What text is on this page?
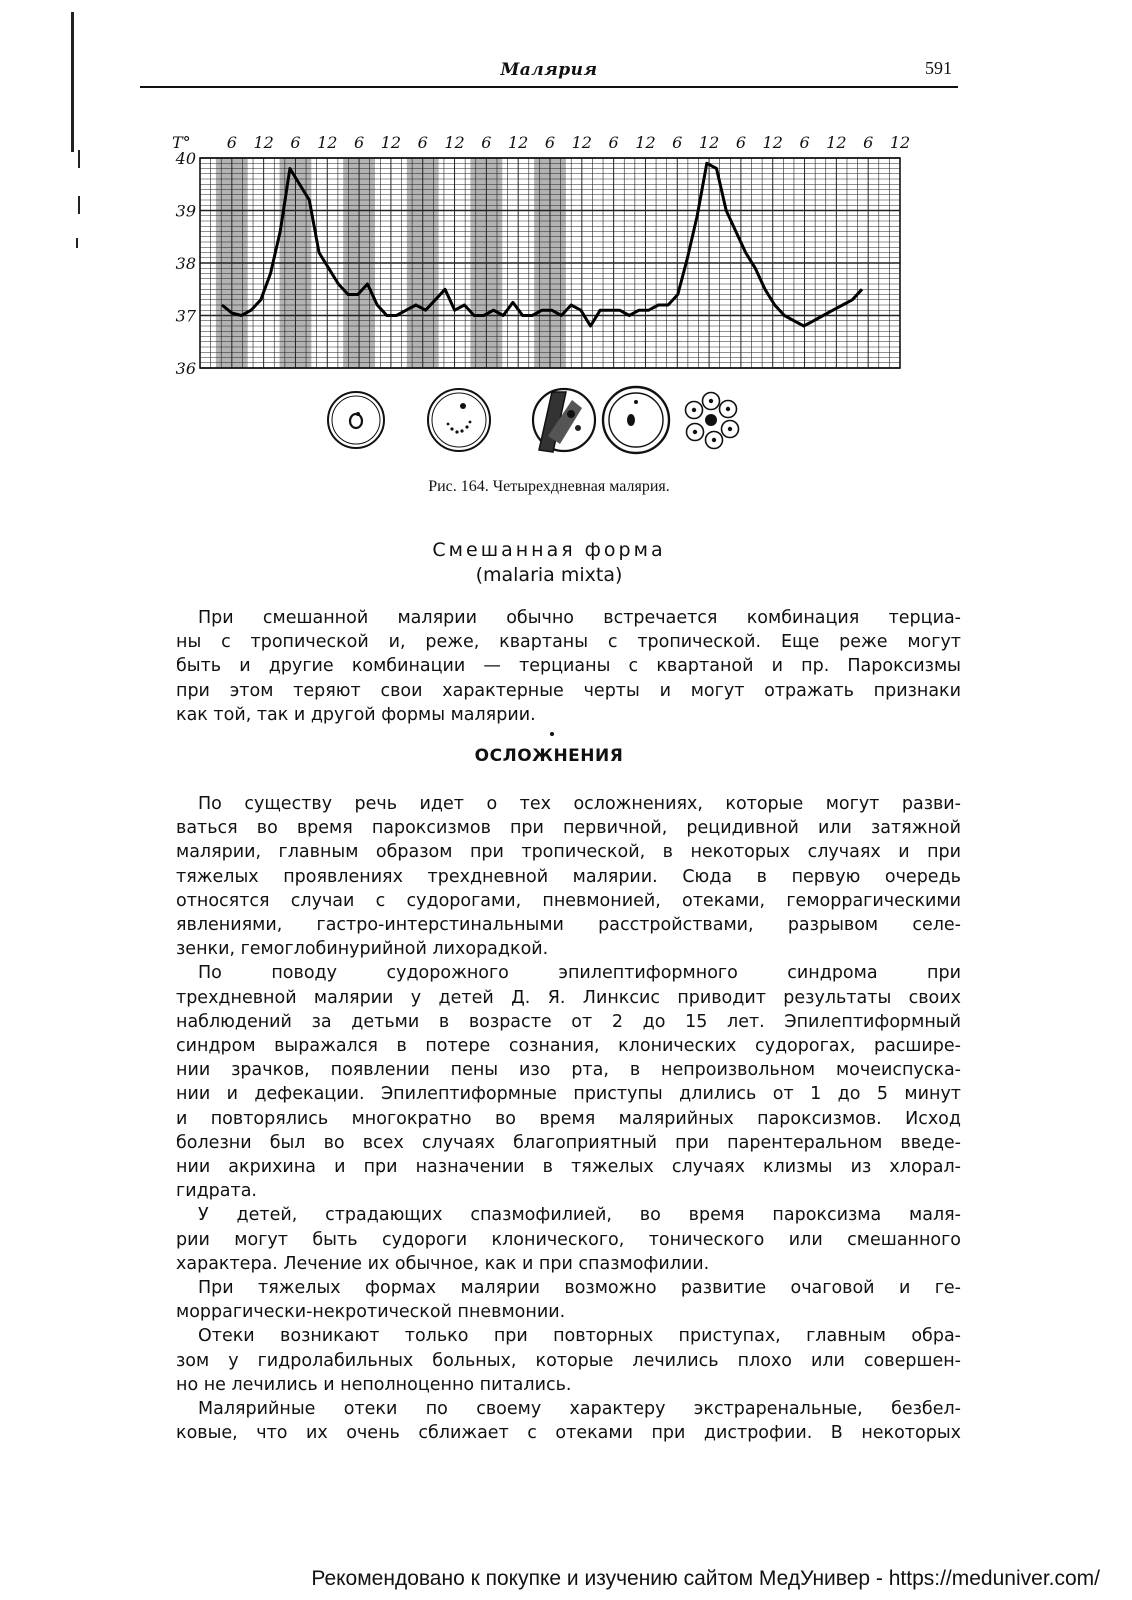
Малярия	591
T°
40
39
38
37
36
6 12 6 12 6 12 6 12 6 12 6 12 6 12 6 12 6 12 6 12 6 12
Рис. 164. Четырехдневная малярия.
Смешанная форма
(malaria mixta)
При смешанной малярии обычно встречается комбинация терциа-
ны с тропической и, реже, квартаны с тропической. Еще реже могут
быть и другие комбинации — терцианы с квартаной и пр. Пароксизмы
при этом теряют свои характерные черты и могут отражать признаки
как той, так и другой формы малярии.
ОСЛОЖНЕНИЯ
По существу речь идет о тех осложнениях, которые могут разви-
ваться во время пароксизмов при первичной, рецидивной или затяжной
малярии, главным образом при тропической, в некоторых случаях и при
тяжелых проявлениях трехдневной малярии. Сюда в первую очередь
относятся случаи с судорогами, пневмонией, отеками, геморрагическими
явлениями, гастро-интерстинальными расстройствами, разрывом селе-
зенки, гемоглобинурийной лихорадкой.
По поводу судорожного эпилептиформного синдрома при
трехдневной малярии у детей Д. Я. Линксис приводит результаты своих
наблюдений за детьми в возрасте от 2 до 15 лет. Эпилептиформный
синдром выражался в потере сознания, клонических судорогах, расшире-
нии зрачков, появлении пены изо рта, в непроизвольном мочеиспуска-
нии и дефекации. Эпилептиформные приступы длились от 1 до 5 минут
и повторялись многократно во время малярийных пароксизмов. Исход
болезни был во всех случаях благоприятный при парентеральном введе-
нии акрихина и при назначении в тяжелых случаях клизмы из хлорал-
гидрата.
У детей, страдающих спазмофилией, во время пароксизма маля-
рии могут быть судороги клонического, тонического или смешанного
характера. Лечение их обычное, как и при спазмофилии.
При тяжелых формах малярии возможно развитие очаговой и ге-
моррагически-некротической пневмонии.
Отеки возникают только при повторных приступах, главным обра-
зом у гидролабильных больных, которые лечились плохо или совершен-
но не лечились и неполноценно питались.
Малярийные отеки по своему характеру экстраренальные, безбел-
ковые, что их очень сближает с отеками при дистрофии. В некоторых
Рекомендовано к покупке и изучению сайтом МедУнивер - https://meduniver.com/
